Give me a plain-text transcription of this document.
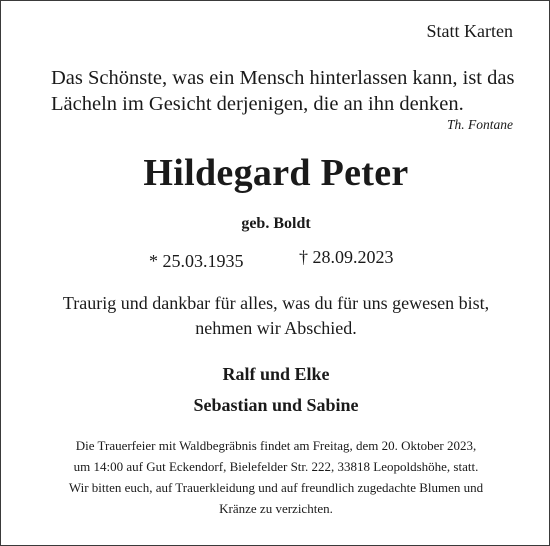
Statt Karten
Das Schönste, was ein Mensch hinterlassen kann, ist das
Lächeln im Gesicht derjenigen, die an ihn denken.
Th. Fontane
Hildegard Peter
geb. Boldt
* 25.03.1935	† 28.09.2023
Traurig und dankbar für alles, was du für uns gewesen bist,
nehmen wir Abschied.
Ralf und Elke
Sebastian und Sabine
Die Trauerfeier mit Waldbegräbnis findet am Freitag, dem 20. Oktober 2023,
um 14:00 auf Gut Eckendorf, Bielefelder Str. 222, 33818 Leopoldshöhe, statt.
Wir bitten euch, auf Trauerkleidung und auf freundlich zugedachte Blumen und
Kränze zu verzichten.
